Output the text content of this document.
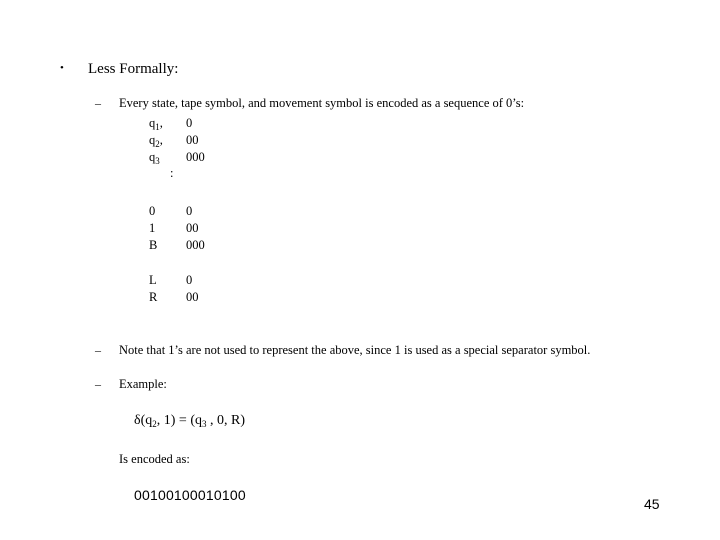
• Less Formally:
– Every state, tape symbol, and movement symbol is encoded as a sequence of 0’s:
$q_1$, 0
$q_2$, 00
$q_3$ 000
:
0 0
1 00
B 000
L 0
R 00
– Note that 1’s are not used to represent the above, since 1 is used as a special separator symbol.
– Example:
$\delta(q_2$, $1) = (q_3$ , 0, R)
Is encoded as:
00100100010100
45
